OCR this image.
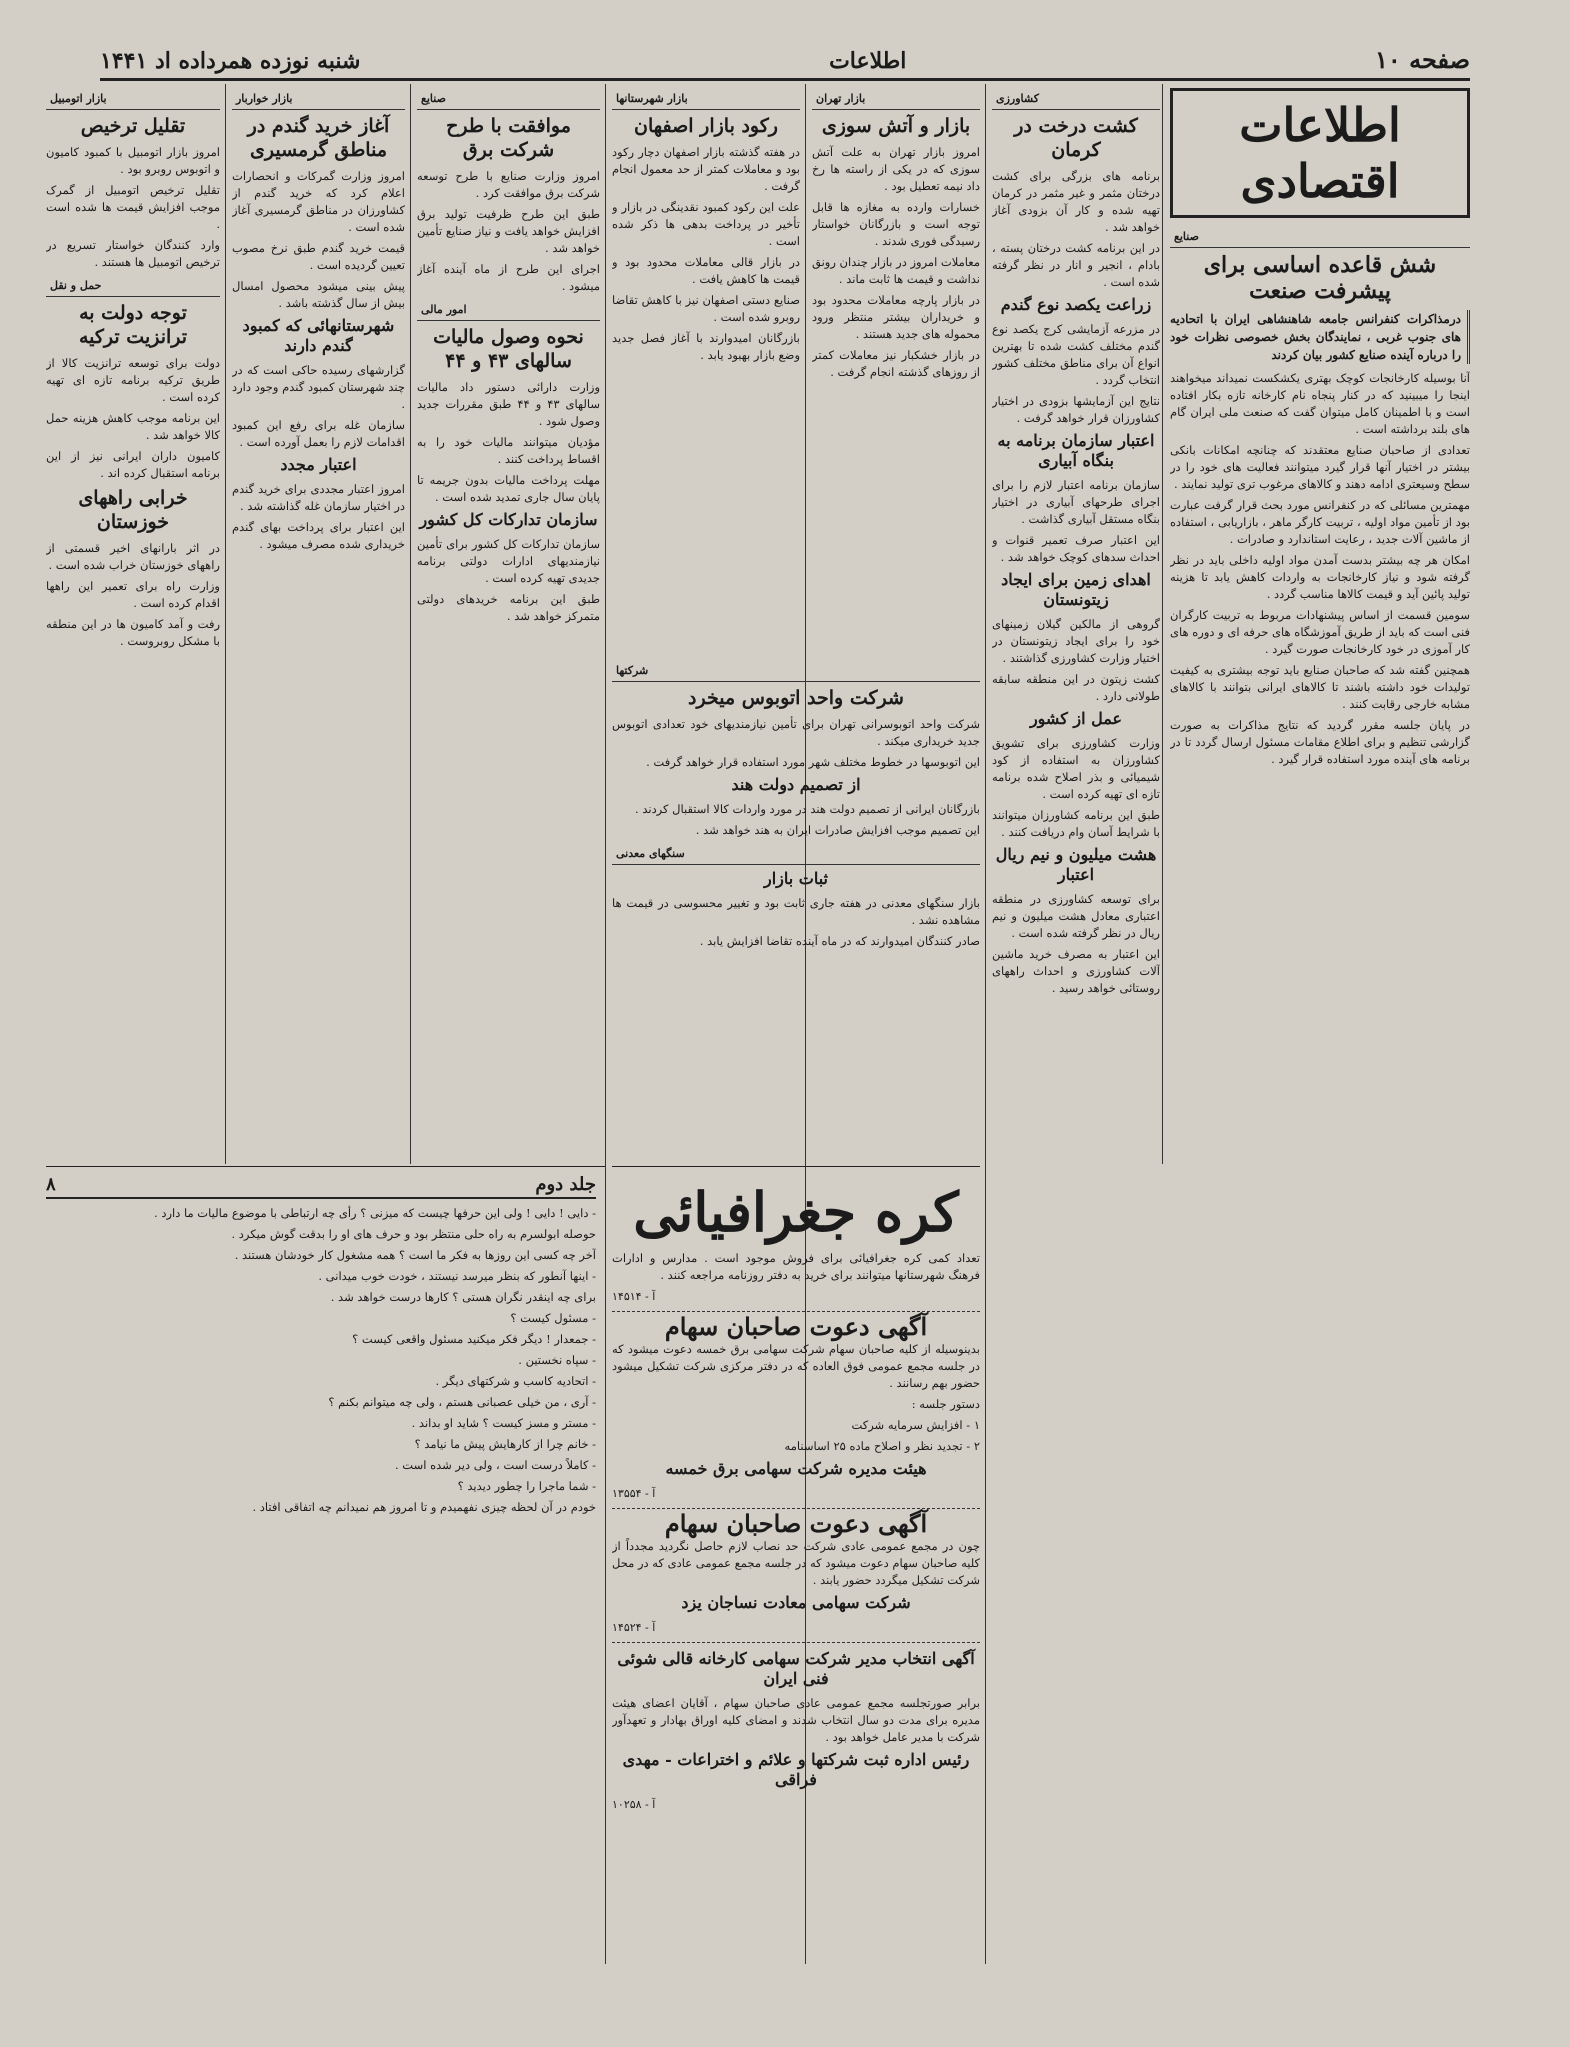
صفحه ۱۰
اطلاعات
شنبه نوزده همرداده اد ۱۴۴۱
اطلاعات اقتصادی
صنایع
شش قاعده اساسی برای پیشرفت صنعت
درمذاکرات کنفرانس جامعه شاهنشاهی ایران با اتحادیه های جنوب غربی ، نمایندگان بخش خصوصی نظرات خود را درباره آینده صنایع کشور بیان کردند

آنا بوسیله کارخانجات کوچک بهتری یکشکست نمیداند میخواهند اینجا را میبینید که در کنار پنجاه نام کارخانه تازه بکار افتاده است و با اطمینان کامل میتوان گفت که صنعت ملی ایران گام های بلند برداشته است .

تعدادی از صاحبان صنایع معتقدند که چنانچه امکانات بانکی بیشتر در اختیار آنها قرار گیرد میتوانند فعالیت های خود را در سطح وسیعتری ادامه دهند و کالاهای مرغوب تری تولید نمایند .

مهمترین مسائلی که در کنفرانس مورد بحث قرار گرفت عبارت بود از تأمین مواد اولیه ، تربیت کارگر ماهر ، بازاریابی ، استفاده از ماشین آلات جدید ، رعایت استاندارد و صادرات .

امکان هر چه بیشتر بدست آمدن مواد اولیه داخلی باید در نظر گرفته شود و نیاز کارخانجات به واردات کاهش یابد تا هزینه تولید پائین آید و قیمت کالاها مناسب گردد .

سومین قسمت از اساس پیشنهادات مربوط به تربیت کارگران فنی است که باید از طریق آموزشگاه های حرفه ای و دوره های کار آموزی در خود کارخانجات صورت گیرد .

همچنین گفته شد که صاحبان صنایع باید توجه بیشتری به کیفیت تولیدات خود داشته باشند تا کالاهای ایرانی بتوانند با کالاهای مشابه خارجی رقابت کنند .

در پایان جلسه مقرر گردید که نتایج مذاکرات به صورت گزارشی تنظیم و برای اطلاع مقامات مسئول ارسال گردد تا در برنامه های آینده مورد استفاده قرار گیرد .

کشاورزی
کشت درخت در کرمان

برنامه های بزرگی برای کشت درختان مثمر و غیر مثمر در کرمان تهیه شده و کار آن بزودی آغاز خواهد شد .

در این برنامه کشت درختان پسته ، بادام ، انجیر و انار در نظر گرفته شده است .

زراعت یکصد نوع گندم

در مزرعه آزمایشی کرج یکصد نوع گندم مختلف کشت شده تا بهترین انواع آن برای مناطق مختلف کشور انتخاب گردد .

نتایج این آزمایشها بزودی در اختیار کشاورزان قرار خواهد گرفت .

اعتبار سازمان برنامه به بنگاه آبیاری

سازمان برنامه اعتبار لازم را برای اجرای طرحهای آبیاری در اختیار بنگاه مستقل آبیاری گذاشت .

این اعتبار صرف تعمیر قنوات و احداث سدهای کوچک خواهد شد .

اهدای زمین برای ایجاد زیتونستان

گروهی از مالکین گیلان زمینهای خود را برای ایجاد زیتونستان در اختیار وزارت کشاورزی گذاشتند .

کشت زیتون در این منطقه سابقه طولانی دارد .

عمل از کشور

وزارت کشاورزی برای تشویق کشاورزان به استفاده از کود شیمیائی و بذر اصلاح شده برنامه تازه ای تهیه کرده است .

طبق این برنامه کشاورزان میتوانند با شرایط آسان وام دریافت کنند .

هشت میلیون و نیم ریال اعتبار

برای توسعه کشاورزی در منطقه اعتباری معادل هشت میلیون و نیم ریال در نظر گرفته شده است .

این اعتبار به مصرف خرید ماشین آلات کشاورزی و احداث راههای روستائی خواهد رسید .

بازار تهران
بازار و آتش سوزی

امروز بازار تهران به علت آتش سوزی که در یکی از راسته ها رخ داد نیمه تعطیل بود .

خسارات وارده به مغازه ها قابل توجه است و بازرگانان خواستار رسیدگی فوری شدند .

معاملات امروز در بازار چندان رونق نداشت و قیمت ها ثابت ماند .

در بازار پارچه معاملات محدود بود و خریداران بیشتر منتظر ورود محموله های جدید هستند .

در بازار خشکبار نیز معاملات کمتر از روزهای گذشته انجام گرفت .

بازار شهرستانها
رکود بازار اصفهان

در هفته گذشته بازار اصفهان دچار رکود بود و معاملات کمتر از حد معمول انجام گرفت .

علت این رکود کمبود نقدینگی در بازار و تأخیر در پرداخت بدهی ها ذکر شده است .

در بازار قالی معاملات محدود بود و قیمت ها کاهش یافت .

صنایع دستی اصفهان نیز با کاهش تقاضا روبرو شده است .

بازرگانان امیدوارند با آغاز فصل جدید وضع بازار بهبود یابد .

شرکتها
شرکت واحد اتوبوس میخرد

شرکت واحد اتوبوسرانی تهران برای تأمین نیازمندیهای خود تعدادی اتوبوس جدید خریداری میکند .

این اتوبوسها در خطوط مختلف شهر مورد استفاده قرار خواهد گرفت .

از تصمیم دولت هند

بازرگانان ایرانی از تصمیم دولت هند در مورد واردات کالا استقبال کردند .

این تصمیم موجب افزایش صادرات ایران به هند خواهد شد .

سنگهای معدنی
ثبات بازار

بازار سنگهای معدنی در هفته جاری ثابت بود و تغییر محسوسی در قیمت ها مشاهده نشد .

صادر کنندگان امیدوارند که در ماه آینده تقاضا افزایش یابد .

صنایع
موافقت با طرح شرکت برق

امروز وزارت صنایع با طرح توسعه شرکت برق موافقت کرد .

طبق این طرح ظرفیت تولید برق افزایش خواهد یافت و نیاز صنایع تأمین خواهد شد .

اجرای این طرح از ماه آینده آغاز میشود .

امور مالی
نحوه وصول مالیات سالهای ۴۳ و ۴۴

وزارت دارائی دستور داد مالیات سالهای ۴۳ و ۴۴ طبق مقررات جدید وصول شود .

مؤدیان میتوانند مالیات خود را به اقساط پرداخت کنند .

مهلت پرداخت مالیات بدون جریمه تا پایان سال جاری تمدید شده است .

سازمان تدارکات کل کشور

سازمان تدارکات کل کشور برای تأمین نیازمندیهای ادارات دولتی برنامه جدیدی تهیه کرده است .

طبق این برنامه خریدهای دولتی متمرکز خواهد شد .

بازار خواربار
آغاز خرید گندم در مناطق گرمسیری

امروز وزارت گمرکات و انحصارات اعلام کرد که خرید گندم از کشاورزان در مناطق گرمسیری آغاز شده است .

قیمت خرید گندم طبق نرخ مصوب تعیین گردیده است .

پیش بینی میشود محصول امسال بیش از سال گذشته باشد .

شهرستانهائی که کمبود گندم دارند

گزارشهای رسیده حاکی است که در چند شهرستان کمبود گندم وجود دارد .

سازمان غله برای رفع این کمبود اقدامات لازم را بعمل آورده است .

اعتبار مجدد

امروز اعتبار مجددی برای خرید گندم در اختیار سازمان غله گذاشته شد .

این اعتبار برای پرداخت بهای گندم خریداری شده مصرف میشود .

بازار اتومبیل
تقلیل ترخیص

امروز بازار اتومبیل با کمبود کامیون و اتوبوس روبرو بود .

تقلیل ترخیص اتومبیل از گمرک موجب افزایش قیمت ها شده است .

وارد کنندگان خواستار تسریع در ترخیص اتومبیل ها هستند .

حمل و نقل
توجه دولت به ترانزیت ترکیه

دولت برای توسعه ترانزیت کالا از طریق ترکیه برنامه تازه ای تهیه کرده است .

این برنامه موجب کاهش هزینه حمل کالا خواهد شد .

کامیون داران ایرانی نیز از این برنامه استقبال کرده اند .

خرابی راههای خوزستان

در اثر بارانهای اخیر قسمتی از راههای خوزستان خراب شده است .

وزارت راه برای تعمیر این راهها اقدام کرده است .

رفت و آمد کامیون ها در این منطقه با مشکل روبروست .

جلد دوم
۸

- دایی ! دایی ! ولی این حرفها چیست که میزنی ؟ رأی چه ارتباطی با موضوع مالیات ما دارد .

حوصله ابولسرم به راه حلی منتظر بود و حرف های او را بدقت گوش میکرد .

آخر چه کسی این روزها به فکر ما است ؟ همه مشغول کار خودشان هستند .

- اینها آنطور که بنظر میرسد نیستند ، خودت خوب میدانی .

برای چه اینقدر نگران هستی ؟ کارها درست خواهد شد .

- مسئول کیست ؟

- جمعدار ! دیگر فکر میکنید مسئول واقعی کیست ؟

- سپاه نخستین .

- اتحادیه کاسب و شرکتهای دیگر .

- آری ، من خیلی عصبانی هستم ، ولی چه میتوانم بکنم ؟

- مستر و مسز کیست ؟ شاید او بداند .

- خانم چرا از کارهایش پیش ما نیامد ؟

- کاملاً درست است ، ولی دیر شده است .

- شما ماجرا را چطور دیدید ؟

خودم در آن لحظه چیزی نفهمیدم و تا امروز هم نمیدانم چه اتفاقی افتاد .

کره جغرافیائی

تعداد کمی کره جغرافیائی برای فروش موجود است . مدارس و ادارات فرهنگ شهرستانها میتوانند برای خرید به دفتر روزنامه مراجعه کنند .

آ - ۱۴۵۱۴
آگهی دعوت صاحبان سهام

بدینوسیله از کلیه صاحبان سهام شرکت سهامی برق خمسه دعوت میشود که در جلسه مجمع عمومی فوق العاده که در دفتر مرکزی شرکت تشکیل میشود حضور بهم رسانند .

دستور جلسه :

۱ - افزایش سرمایه شرکت

۲ - تجدید نظر و اصلاح ماده ۲۵ اساسنامه

هیئت مدیره شرکت سهامی برق خمسه
آ - ۱۳۵۵۴
آگهی دعوت صاحبان سهام

چون در مجمع عمومی عادی شرکت حد نصاب لازم حاصل نگردید مجدداً از کلیه صاحبان سهام دعوت میشود که در جلسه مجمع عمومی عادی که در محل شرکت تشکیل میگردد حضور یابند .

شرکت سهامی معادت نساجان یزد
آ - ۱۴۵۲۴
آگهی انتخاب مدیر شرکت سهامی کارخانه قالی شوئی فنی ایران

برابر صورتجلسه مجمع عمومی عادی صاحبان سهام ، آقایان اعضای هیئت مدیره برای مدت دو سال انتخاب شدند و امضای کلیه اوراق بهادار و تعهدآور شرکت با مدیر عامل خواهد بود .

رئیس اداره ثبت شرکتها و علائم و اختراعات - مهدی فراقی
آ - ۱۰۲۵۸
